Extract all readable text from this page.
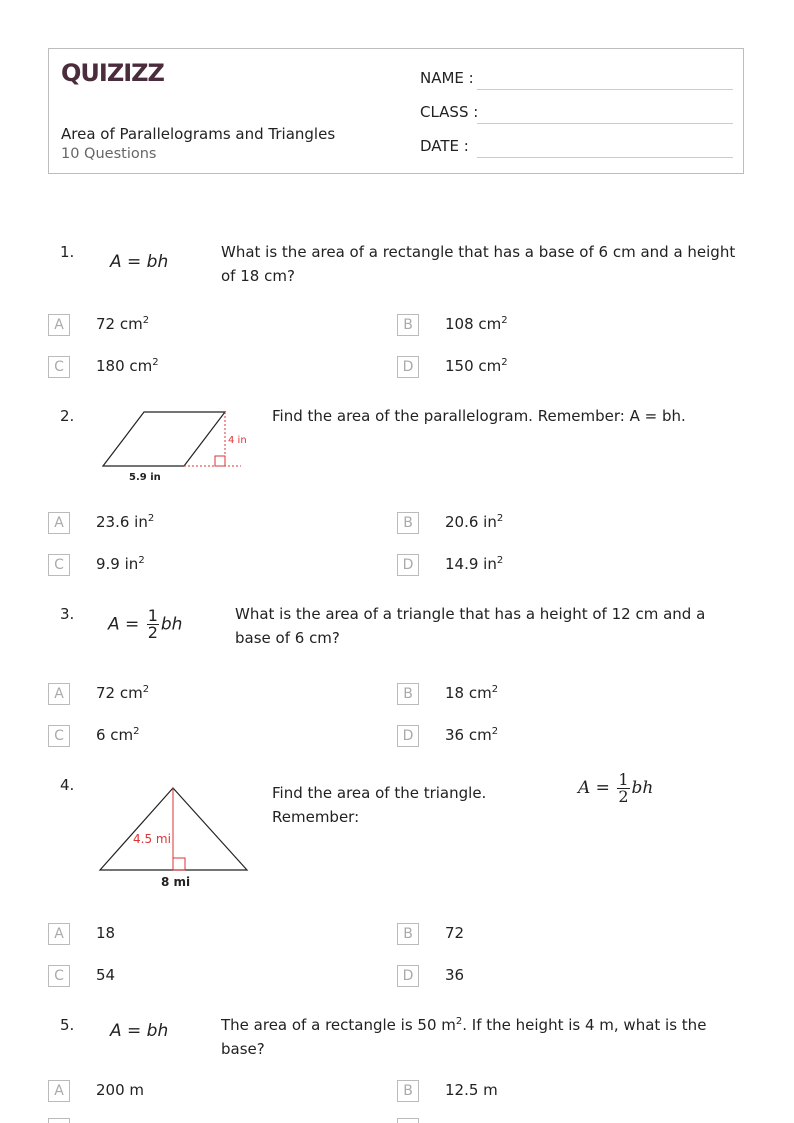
QUIZIZZ
Area of Parallelograms and Triangles
10 Questions
NAME :
CLASS :
DATE :
1. A = bh	What is the area of a rectangle that has a base of 6 cm and a height of 18 cm?
A	72 $cm^2$	B	108 $cm^2$
C	180 $cm^2$	D	150 $cm^2$
2.
4 in
5.9 in
Find the area of the parallelogram. Remember: A = bh.
A	23.6 $in^2$	B	20.6 $in^2$
C	9.9 $in^2$	D	14.9 $in^2$
3.
$A = \frac{1}{2}$ bh
What is the area of a triangle that has a height of 12 cm and a base of 6 cm?
A	72 $cm^2$	B	18 $cm^2$
C	6 $cm^2$	D	36 $cm^2$
4.
4.5 mi
8 mi
Find the area of the triangle. Remember:
$A = \frac{1}{2}$ bh
A	18	B	72
C	54	D	36
5. A = bh	The area of a rectangle is 50 $m^2$. If the height is 4 m, what is the base?
A	200 m	B	12.5 m
